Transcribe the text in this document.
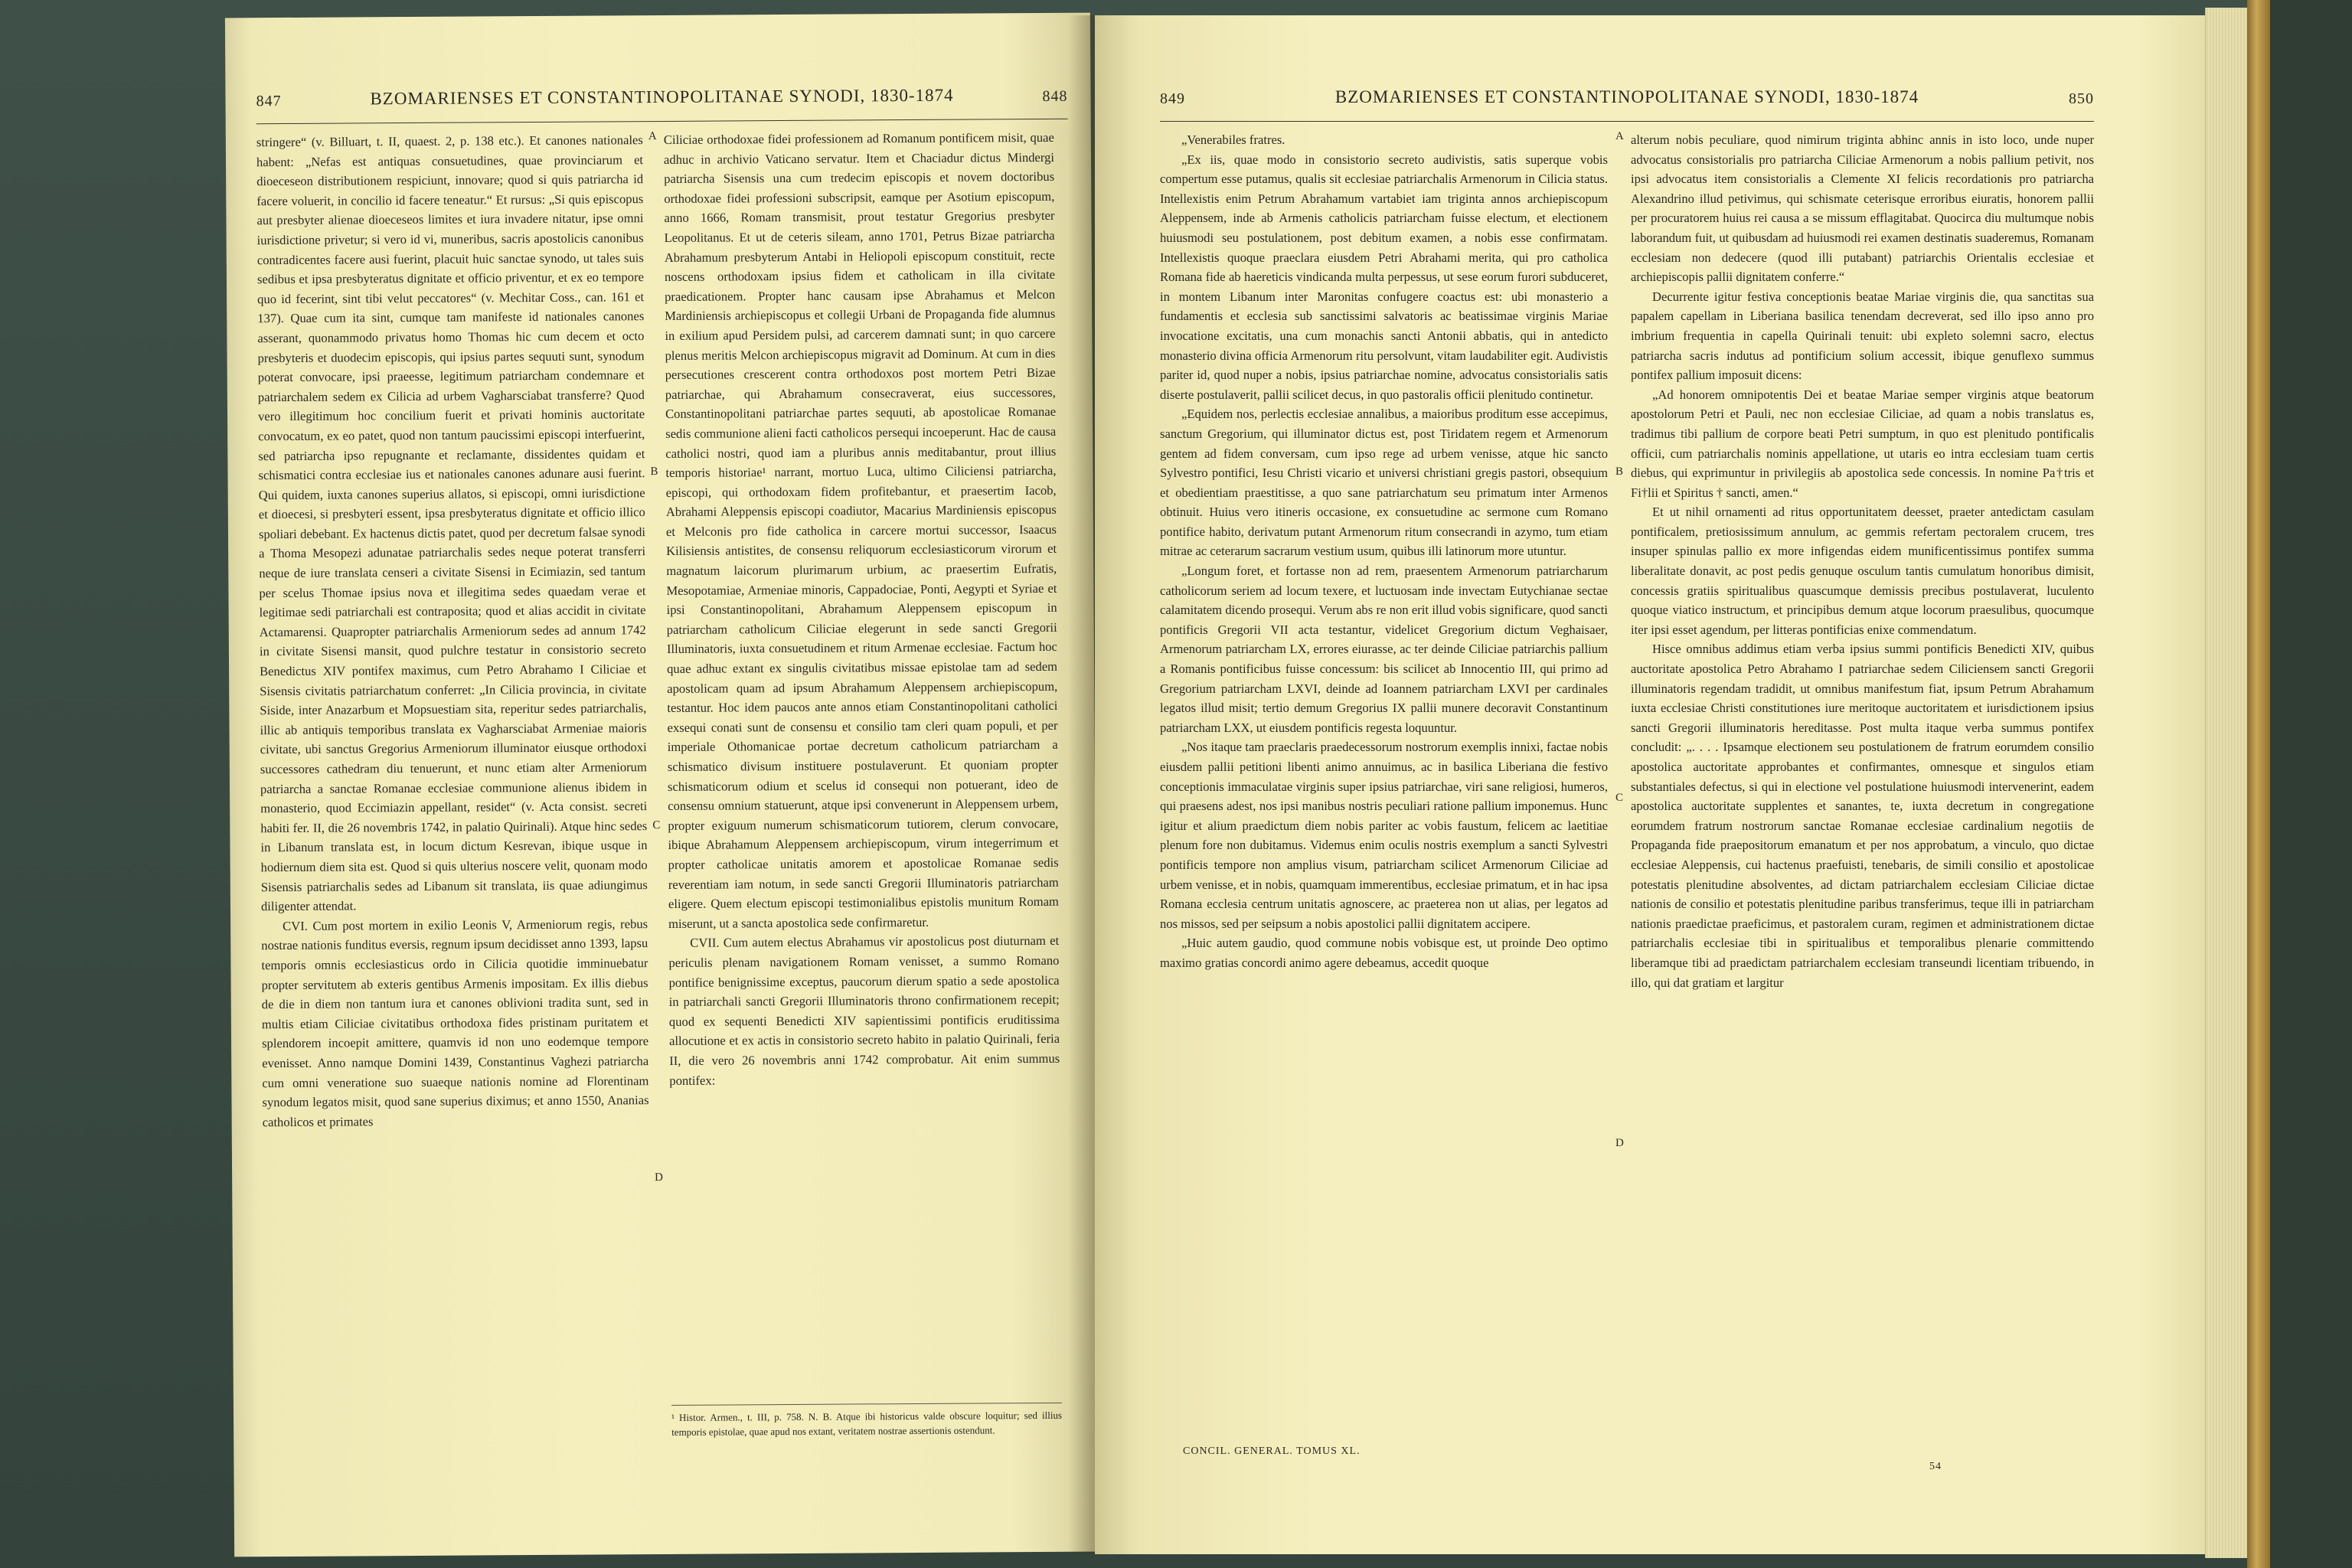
847	BZOMARIENSES ET CONSTANTINOPOLITANAE SYNODI, 1830-1874	848

stringere“ (v. Billuart, t. II, quaest. 2, p. 138 etc.). Et canones nationales habent: „Nefas est antiquas consuetudines, quae provinciarum et dioeceseon distributionem respiciunt, innovare; quod si quis patriarcha id facere voluerit, in concilio id facere teneatur.“ Et rursus: „Si quis episcopus aut presbyter alienae dioeceseos limites et iura invadere nitatur, ipse omni iurisdictione privetur; si vero id vi, muneribus, sacris apostolicis canonibus contradicentes facere ausi fuerint, placuit huic sanctae synodo, ut tales suis sedibus et ipsa presbyteratus dignitate et officio priventur, et ex eo tempore quo id fecerint, sint tibi velut peccatores“ (v. Mechitar Coss., can. 161 et 137). Quae cum ita sint, cumque tam manifeste id nationales canones asserant, quonammodo privatus homo Thomas hic cum decem et octo presbyteris et duodecim episcopis, qui ipsius partes sequuti sunt, synodum poterat convocare, ipsi praeesse, legitimum patriarcham condemnare et patriarchalem sedem ex Cilicia ad urbem Vagharsciabat transferre? Quod vero illegitimum hoc concilium fuerit et privati hominis auctoritate convocatum, ex eo patet, quod non tantum paucissimi episcopi interfuerint, sed patriarcha ipso repugnante et reclamante, dissidentes quidam et schismatici contra ecclesiae ius et nationales canones adunare ausi fuerint. Qui quidem, iuxta canones superius allatos, si episcopi, omni iurisdictione et dioecesi, si presbyteri essent, ipsa presbyteratus dignitate et officio illico spoliari debebant. Ex hactenus dictis patet, quod per decretum falsae synodi a Thoma Mesopezi adunatae patriarchalis sedes neque poterat transferri neque de iure translata censeri a civitate Sisensi in Ecimiazin, sed tantum per scelus Thomae ipsius nova et illegitima sedes quaedam verae et legitimae sedi patriarchali est contraposita; quod et alias accidit in civitate Actamarensi. Quapropter patriarchalis Armeniorum sedes ad annum 1742 in civitate Sisensi mansit, quod pulchre testatur in consistorio secreto Benedictus XIV pontifex maximus, cum Petro Abrahamo I Ciliciae et Sisensis civitatis patriarchatum conferret: „In Cilicia provincia, in civitate Siside, inter Anazarbum et Mopsuestiam sita, reperitur sedes patriarchalis, illic ab antiquis temporibus translata ex Vagharsciabat Armeniae maioris civitate, ubi sanctus Gregorius Armeniorum illuminator eiusque orthodoxi successores cathedram diu tenuerunt, et nunc etiam alter Armeniorum patriarcha a sanctae Romanae ecclesiae communione alienus ibidem in monasterio, quod Eccimiazin appellant, residet“ (v. Acta consist. secreti habiti fer. II, die 26 novembris 1742, in palatio Quirinali). Atque hinc sedes in Libanum translata est, in locum dictum Kesrevan, ibique usque in hodiernum diem sita est. Quod si quis ulterius noscere velit, quonam modo Sisensis patriarchalis sedes ad Libanum sit translata, iis quae adiungimus diligenter attendat.

CVI. Cum post mortem in exilio Leonis V, Armeniorum regis, rebus nostrae nationis funditus eversis, regnum ipsum decidisset anno 1393, lapsu temporis omnis ecclesiasticus ordo in Cilicia quotidie imminuebatur propter servitutem ab exteris gentibus Armenis impositam. Ex illis diebus de die in diem non tantum iura et canones oblivioni tradita sunt, sed in multis etiam Ciliciae civitatibus orthodoxa fides pristinam puritatem et splendorem incoepit amittere, quamvis id non uno eodemque tempore evenisset. Anno namque Domini 1439, Constantinus Vaghezi patriarcha cum omni veneratione suo suaeque nationis nomine ad Florentinam synodum legatos misit, quod sane superius diximus; et anno 1550, Ananias catholicos et primates

A
B
C
D

Ciliciae orthodoxae fidei professionem ad Romanum pontificem misit, quae adhuc in archivio Vaticano servatur. Item et Chaciadur dictus Mindergi patriarcha Sisensis una cum tredecim episcopis et novem doctoribus orthodoxae fidei professioni subscripsit, eamque per Asotium episcopum, anno 1666, Romam transmisit, prout testatur Gregorius presbyter Leopolitanus. Et ut de ceteris sileam, anno 1701, Petrus Bizae patriarcha Abrahamum presbyterum Antabi in Heliopoli episcopum constituit, recte noscens orthodoxam ipsius fidem et catholicam in illa civitate praedicationem. Propter hanc causam ipse Abrahamus et Melcon Mardiniensis archiepiscopus et collegii Urbani de Propaganda fide alumnus in exilium apud Persidem pulsi, ad carcerem damnati sunt; in quo carcere plenus meritis Melcon archiepiscopus migravit ad Dominum. At cum in dies persecutiones crescerent contra orthodoxos post mortem Petri Bizae patriarchae, qui Abrahamum consecraverat, eius successores, Constantinopolitani patriarchae partes sequuti, ab apostolicae Romanae sedis communione alieni facti catholicos persequi incoeperunt. Hac de causa catholici nostri, quod iam a pluribus annis meditabantur, prout illius temporis historiae¹ narrant, mortuo Luca, ultimo Ciliciensi patriarcha, episcopi, qui orthodoxam fidem profitebantur, et praesertim Iacob, Abrahami Aleppensis episcopi coadiutor, Macarius Mardiniensis episcopus et Melconis pro fide catholica in carcere mortui successor, Isaacus Kilisiensis antistites, de consensu reliquorum ecclesiasticorum virorum et magnatum laicorum plurimarum urbium, ac praesertim Eufratis, Mesopotamiae, Armeniae minoris, Cappadociae, Ponti, Aegypti et Syriae et ipsi Constantinopolitani, Abrahamum Aleppensem episcopum in patriarcham catholicum Ciliciae elegerunt in sede sancti Gregorii Illuminatoris, iuxta consuetudinem et ritum Armenae ecclesiae. Factum hoc quae adhuc extant ex singulis civitatibus missae epistolae tam ad sedem apostolicam quam ad ipsum Abrahamum Aleppensem archiepiscopum, testantur. Hoc idem paucos ante annos etiam Constantinopolitani catholici exsequi conati sunt de consensu et consilio tam cleri quam populi, et per imperiale Othomanicae portae decretum catholicum patriarcham a schismatico divisum instituere postulaverunt. Et quoniam propter schismaticorum odium et scelus id consequi non potuerant, ideo de consensu omnium statuerunt, atque ipsi convenerunt in Aleppensem urbem, propter exiguum numerum schismaticorum tutiorem, clerum convocare, ibique Abrahamum Aleppensem archiepiscopum, virum integerrimum et propter catholicae unitatis amorem et apostolicae Romanae sedis reverentiam iam notum, in sede sancti Gregorii Illuminatoris patriarcham eligere. Quem electum episcopi testimonialibus epistolis munitum Romam miserunt, ut a sancta apostolica sede confirmaretur.

CVII. Cum autem electus Abrahamus vir apostolicus post diuturnam et periculis plenam navigationem Romam venisset, a summo Romano pontifice benignissime exceptus, paucorum dierum spatio a sede apostolica in patriarchali sancti Gregorii Illuminatoris throno confirmationem recepit; quod ex sequenti Benedicti XIV sapientissimi pontificis eruditissima allocutione et ex actis in consistorio secreto habito in palatio Quirinali, feria II, die vero 26 novembris anni 1742 comprobatur. Ait enim summus pontifex:

¹ Histor. Armen., t. III, p. 758. N. B. Atque ibi historicus valde obscure loquitur; sed illius temporis epistolae, quae apud nos extant, veritatem nostrae assertionis ostendunt.
849	BZOMARIENSES ET CONSTANTINOPOLITANAE SYNODI, 1830-1874	850

„Venerabiles fratres.

„Ex iis, quae modo in consistorio secreto audivistis, satis superque vobis compertum esse putamus, qualis sit ecclesiae patriarchalis Armenorum in Cilicia status. Intellexistis enim Petrum Abrahamum vartabiet iam triginta annos archiepiscopum Aleppensem, inde ab Armenis catholicis patriarcham fuisse electum, et electionem huiusmodi seu postulationem, post debitum examen, a nobis esse confirmatam. Intellexistis quoque praeclara eiusdem Petri Abrahami merita, qui pro catholica Romana fide ab haereticis vindicanda multa perpessus, ut sese eorum furori subduceret, in montem Libanum inter Maronitas confugere coactus est: ubi monasterio a fundamentis et ecclesia sub sanctissimi salvatoris ac beatissimae virginis Mariae invocatione excitatis, una cum monachis sancti Antonii abbatis, qui in antedicto monasterio divina officia Armenorum ritu persolvunt, vitam laudabiliter egit. Audivistis pariter id, quod nuper a nobis, ipsius patriarchae nomine, advocatus consistorialis satis diserte postulaverit, pallii scilicet decus, in quo pastoralis officii plenitudo continetur.

„Equidem nos, perlectis ecclesiae annalibus, a maioribus proditum esse accepimus, sanctum Gregorium, qui illuminator dictus est, post Tiridatem regem et Armenorum gentem ad fidem conversam, cum ipso rege ad urbem venisse, atque hic sancto Sylvestro pontifici, Iesu Christi vicario et universi christiani gregis pastori, obsequium et obedientiam praestitisse, a quo sane patriarchatum seu primatum inter Armenos obtinuit. Huius vero itineris occasione, ex consuetudine ac sermone cum Romano pontifice habito, derivatum putant Armenorum ritum consecrandi in azymo, tum etiam mitrae ac ceterarum sacrarum vestium usum, quibus illi latinorum more utuntur.

„Longum foret, et fortasse non ad rem, praesentem Armenorum patriarcharum catholicorum seriem ad locum texere, et luctuosam inde invectam Eutychianae sectae calamitatem dicendo prosequi. Verum abs re non erit illud vobis significare, quod sancti pontificis Gregorii VII acta testantur, videlicet Gregorium dictum Veghaisaer, Armenorum patriarcham LX, errores eiurasse, ac ter deinde Ciliciae patriarchis pallium a Romanis pontificibus fuisse concessum: bis scilicet ab Innocentio III, qui primo ad Gregorium patriarcham LXVI, deinde ad Ioannem patriarcham LXVI per cardinales legatos illud misit; tertio demum Gregorius IX pallii munere decoravit Constantinum patriarcham LXX, ut eiusdem pontificis regesta loquuntur.

„Nos itaque tam praeclaris praedecessorum nostrorum exemplis innixi, factae nobis eiusdem pallii petitioni libenti animo annuimus, ac in basilica Liberiana die festivo conceptionis immaculatae virginis super ipsius patriarchae, viri sane religiosi, humeros, qui praesens adest, nos ipsi manibus nostris peculiari ratione pallium imponemus. Hunc igitur et alium praedictum diem nobis pariter ac vobis faustum, felicem ac laetitiae plenum fore non dubitamus. Videmus enim oculis nostris exemplum a sancti Sylvestri pontificis tempore non amplius visum, patriarcham scilicet Armenorum Ciliciae ad urbem venisse, et in nobis, quamquam immerentibus, ecclesiae primatum, et in hac ipsa Romana ecclesia centrum unitatis agnoscere, ac praeterea non ut alias, per legatos ad nos missos, sed per seipsum a nobis apostolici pallii dignitatem accipere.

„Huic autem gaudio, quod commune nobis vobisque est, ut proinde Deo optimo maximo gratias concordi animo agere debeamus, accedit quoque

A
B
C
D

alterum nobis peculiare, quod nimirum triginta abhinc annis in isto loco, unde nuper advocatus consistorialis pro patriarcha Ciliciae Armenorum a nobis pallium petivit, nos ipsi advocatus item consistorialis a Clemente XI felicis recordationis pro patriarcha Alexandrino illud petivimus, qui schismate ceterisque erroribus eiuratis, honorem pallii per procuratorem huius rei causa a se missum efflagitabat. Quocirca diu multumque nobis laborandum fuit, ut quibusdam ad huiusmodi rei examen destinatis suaderemus, Romanam ecclesiam non dedecere (quod illi putabant) patriarchis Orientalis ecclesiae et archiepiscopis pallii dignitatem conferre.“

Decurrente igitur festiva conceptionis beatae Mariae virginis die, qua sanctitas sua papalem capellam in Liberiana basilica tenendam decreverat, sed illo ipso anno pro imbrium frequentia in capella Quirinali tenuit: ubi expleto solemni sacro, electus patriarcha sacris indutus ad pontificium solium accessit, ibique genuflexo summus pontifex pallium imposuit dicens:

„Ad honorem omnipotentis Dei et beatae Mariae semper virginis atque beatorum apostolorum Petri et Pauli, nec non ecclesiae Ciliciae, ad quam a nobis translatus es, tradimus tibi pallium de corpore beati Petri sumptum, in quo est plenitudo pontificalis officii, cum patriarchalis nominis appellatione, ut utaris eo intra ecclesiam tuam certis diebus, qui exprimuntur in privilegiis ab apostolica sede concessis. In nomine Pa†tris et Fi†lii et Spiritus † sancti, amen.“

Et ut nihil ornamenti ad ritus opportunitatem deesset, praeter antedictam casulam pontificalem, pretiosissimum annulum, ac gemmis refertam pectoralem crucem, tres insuper spinulas pallio ex more infigendas eidem munificentissimus pontifex summa liberalitate donavit, ac post pedis genuque osculum tantis cumulatum honoribus dimisit, concessis gratiis spiritualibus quascumque demissis precibus postulaverat, luculento quoque viatico instructum, et principibus demum atque locorum praesulibus, quocumque iter ipsi esset agendum, per litteras pontificias enixe commendatum.

Hisce omnibus addimus etiam verba ipsius summi pontificis Benedicti XIV, quibus auctoritate apostolica Petro Abrahamo I patriarchae sedem Ciliciensem sancti Gregorii illuminatoris regendam tradidit, ut omnibus manifestum fiat, ipsum Petrum Abrahamum iuxta ecclesiae Christi constitutiones iure meritoque auctoritatem et iurisdictionem ipsius sancti Gregorii illuminatoris hereditasse. Post multa itaque verba summus pontifex concludit: „. . . . Ipsamque electionem seu postulationem de fratrum eorumdem consilio apostolica auctoritate approbantes et confirmantes, omnesque et singulos etiam substantiales defectus, si qui in electione vel postulatione huiusmodi intervenerint, eadem apostolica auctoritate supplentes et sanantes, te, iuxta decretum in congregatione eorumdem fratrum nostrorum sanctae Romanae ecclesiae cardinalium negotiis de Propaganda fide praepositorum emanatum et per nos approbatum, a vinculo, quo dictae ecclesiae Aleppensis, cui hactenus praefuisti, tenebaris, de simili consilio et apostolicae potestatis plenitudine absolventes, ad dictam patriarchalem ecclesiam Ciliciae dictae nationis de consilio et potestatis plenitudine paribus transferimus, teque illi in patriarcham nationis praedictae praeficimus, et pastoralem curam, regimen et administrationem dictae patriarchalis ecclesiae tibi in spiritualibus et temporalibus plenarie committendo liberamque tibi ad praedictam patriarchalem ecclesiam transeundi licentiam tribuendo, in illo, qui dat gratiam et largitur

CONCIL. GENERAL. TOMUS XL.
54
